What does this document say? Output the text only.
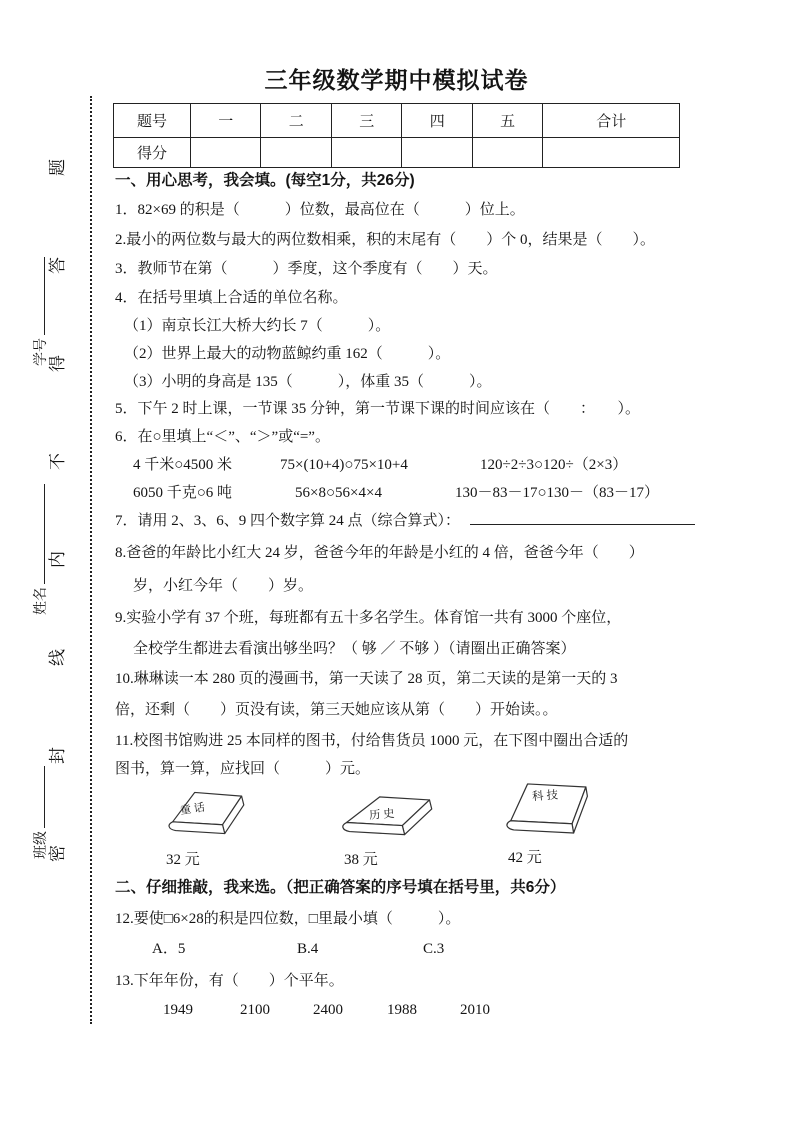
密封线内不得答题
学号
姓名
班级
三年级数学期中模拟试卷
题号	一	二	三	四	五	合计
得分						
一、用心思考，我会填。(每空1分，共26分)
1．82×69 的积是（　　　）位数，最高位在（　　　）位上。
2.最小的两位数与最大的两位数相乘，积的末尾有（　　）个 0，结果是（　　）。
3．教师节在第（　　　）季度，这个季度有（　　）天。
4．在括号里填上合适的单位名称。
（1）南京长江大桥大约长 7（　　　）。
（2）世界上最大的动物蓝鲸约重 162（　　　）。
（3）小明的身高是 135（　　　），体重 35（　　　）。
5．下午 2 时上课，一节课 35 分钟，第一节课下课的时间应该在（　　：　　）。
6．在○里填上“＜”、“＞”或“=”。
4 千米○4500 米	75×(10+4)○75×10+4	120÷2÷3○120÷（2×3）
6050 千克○6 吨	56×8○56×4×4	130－83－17○130－（83－17）
7．请用 2、3、6、9 四个数字算 24 点（综合算式）：
8.爸爸的年龄比小红大 24 岁，爸爸今年的年龄是小红的 4 倍，爸爸今年（　　）
岁，小红今年（　　）岁。
9.实验小学有 37 个班，每班都有五十多名学生。体育馆一共有 3000 个座位，
全校学生都进去看演出够坐吗？（ 够 ／ 不够 ）（请圈出正确答案）
10.琳琳读一本 280 页的漫画书，第一天读了 28 页，第二天读的是第一天的 3
倍，还剩（　　）页没有读，第三天她应该从第（　　）开始读。。
11.校图书馆购进 25 本同样的图书，付给售货员 1000 元，在下图中圈出合适的
图书，算一算，应找回（　　　）元。
童 话
32 元
历 史
38 元
科 技
42 元
二、仔细推敲，我来选。（把正确答案的序号填在括号里，共6分）
12.要使□6×28的积是四位数，□里最小填（　　　）。
A．5	B.4	C.3
13.下年年份，有（　　）个平年。
1949	2100	2400	1988	2010
